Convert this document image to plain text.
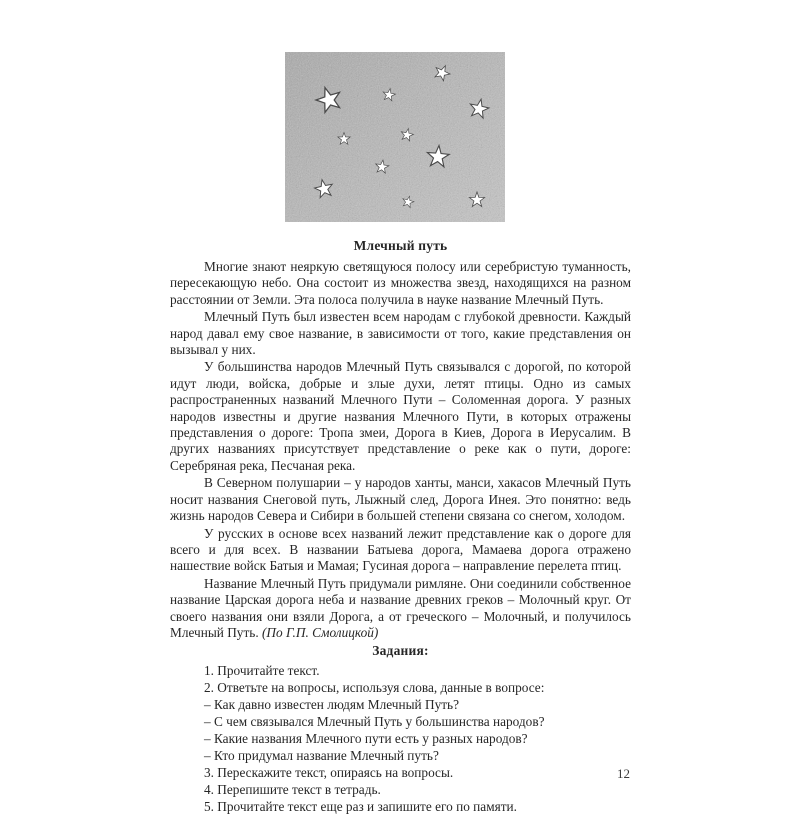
Млечный путь

Многие знают неяркую светящуюся полосу или серебристую туманность, пересекающую небо. Она состоит из множества звезд, находящихся на разном расстоянии от Земли. Эта полоса получила в науке название Млечный Путь.

Млечный Путь был известен всем народам с глубокой древности. Каждый народ давал ему свое название, в зависимости от того, какие представления он вызывал у них.

У большинства народов Млечный Путь связывался с дорогой, по которой идут люди, войска, добрые и злые духи, летят птицы. Одно из самых распространенных названий Млечного Пути – Соломенная дорога. У разных народов известны и другие названия Млечного Пути, в которых отражены представления о дороге: Тропа змеи, Дорога в Киев, Дорога в Иерусалим. В других названиях присутствует представление о реке как о пути, дороге: Серебряная река, Песчаная река.

В Северном полушарии – у народов ханты, манси, хакасов Млечный Путь носит названия Снеговой путь, Лыжный след, Дорога Инея. Это понятно: ведь жизнь народов Севера и Сибири в большей степени связана со снегом, холодом.

У русских в основе всех названий лежит представление как о дороге для всего и для всех. В названии Батыева дорога, Мамаева дорога отражено нашествие войск Батыя и Мамая; Гусиная дорога – направление перелета птиц.

Название Млечный Путь придумали римляне. Они соединили собственное название Царская дорога неба и название древних греков – Молочный круг. От своего названия они взяли Дорога, а от греческого – Молочный, и получилось Млечный Путь. (По Г.П. Смолицкой)

Задания:

1. Прочитайте текст.

2. Ответьте на вопросы, используя слова, данные в вопросе:

– Как давно известен людям Млечный Путь?

– С чем связывался Млечный Путь у большинства народов?

– Какие названия Млечного пути есть у разных народов?

– Кто придумал название Млечный путь?

3. Перескажите текст, опираясь на вопросы.

4. Перепишите текст в тетрадь.

5. Прочитайте текст еще раз и запишите его по памяти.

12
